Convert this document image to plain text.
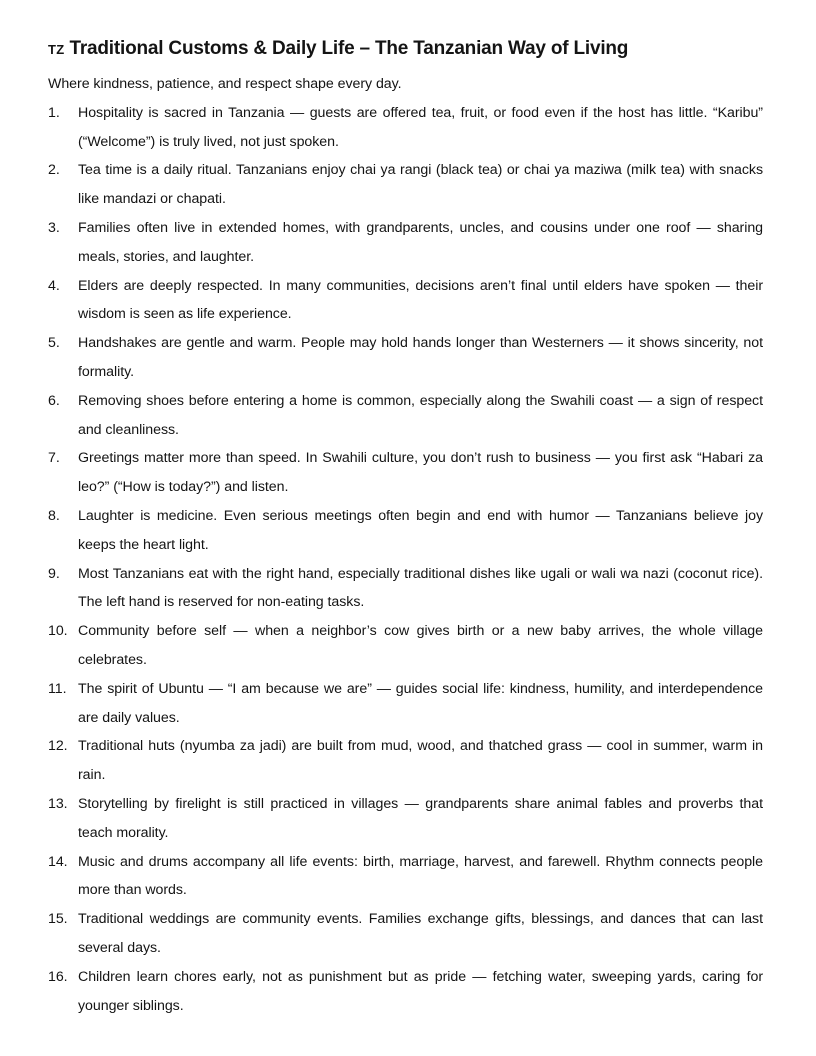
TZ Traditional Customs & Daily Life – The Tanzanian Way of Living

Where kindness, patience, and respect shape every day.

1.	Hospitality is sacred in Tanzania — guests are offered tea, fruit, or food even if the host has little. “Karibu” (“Welcome”) is truly lived, not just spoken.
2.	Tea time is a daily ritual. Tanzanians enjoy chai ya rangi (black tea) or chai ya maziwa (milk tea) with snacks like mandazi or chapati.
3.	Families often live in extended homes, with grandparents, uncles, and cousins under one roof — sharing meals, stories, and laughter.
4.	Elders are deeply respected. In many communities, decisions aren’t final until elders have spoken — their wisdom is seen as life experience.
5.	Handshakes are gentle and warm. People may hold hands longer than Westerners — it shows sincerity, not formality.
6.	Removing shoes before entering a home is common, especially along the Swahili coast — a sign of respect and cleanliness.
7.	Greetings matter more than speed. In Swahili culture, you don’t rush to business — you first ask “Habari za leo?” (“How is today?”) and listen.
8.	Laughter is medicine. Even serious meetings often begin and end with humor — Tanzanians believe joy keeps the heart light.
9.	Most Tanzanians eat with the right hand, especially traditional dishes like ugali or wali wa nazi (coconut rice). The left hand is reserved for non-eating tasks.
10. Community before self — when a neighbor’s cow gives birth or a new baby arrives, the whole village celebrates.
11. The spirit of Ubuntu — “I am because we are” — guides social life: kindness, humility, and interdependence are daily values.
12. Traditional huts (nyumba za jadi) are built from mud, wood, and thatched grass — cool in summer, warm in rain.
13. Storytelling by firelight is still practiced in villages — grandparents share animal fables and proverbs that teach morality.
14. Music and drums accompany all life events: birth, marriage, harvest, and farewell. Rhythm connects people more than words.
15. Traditional weddings are community events. Families exchange gifts, blessings, and dances that can last several days.
16. Children learn chores early, not as punishment but as pride — fetching water, sweeping yards, caring for younger siblings.
